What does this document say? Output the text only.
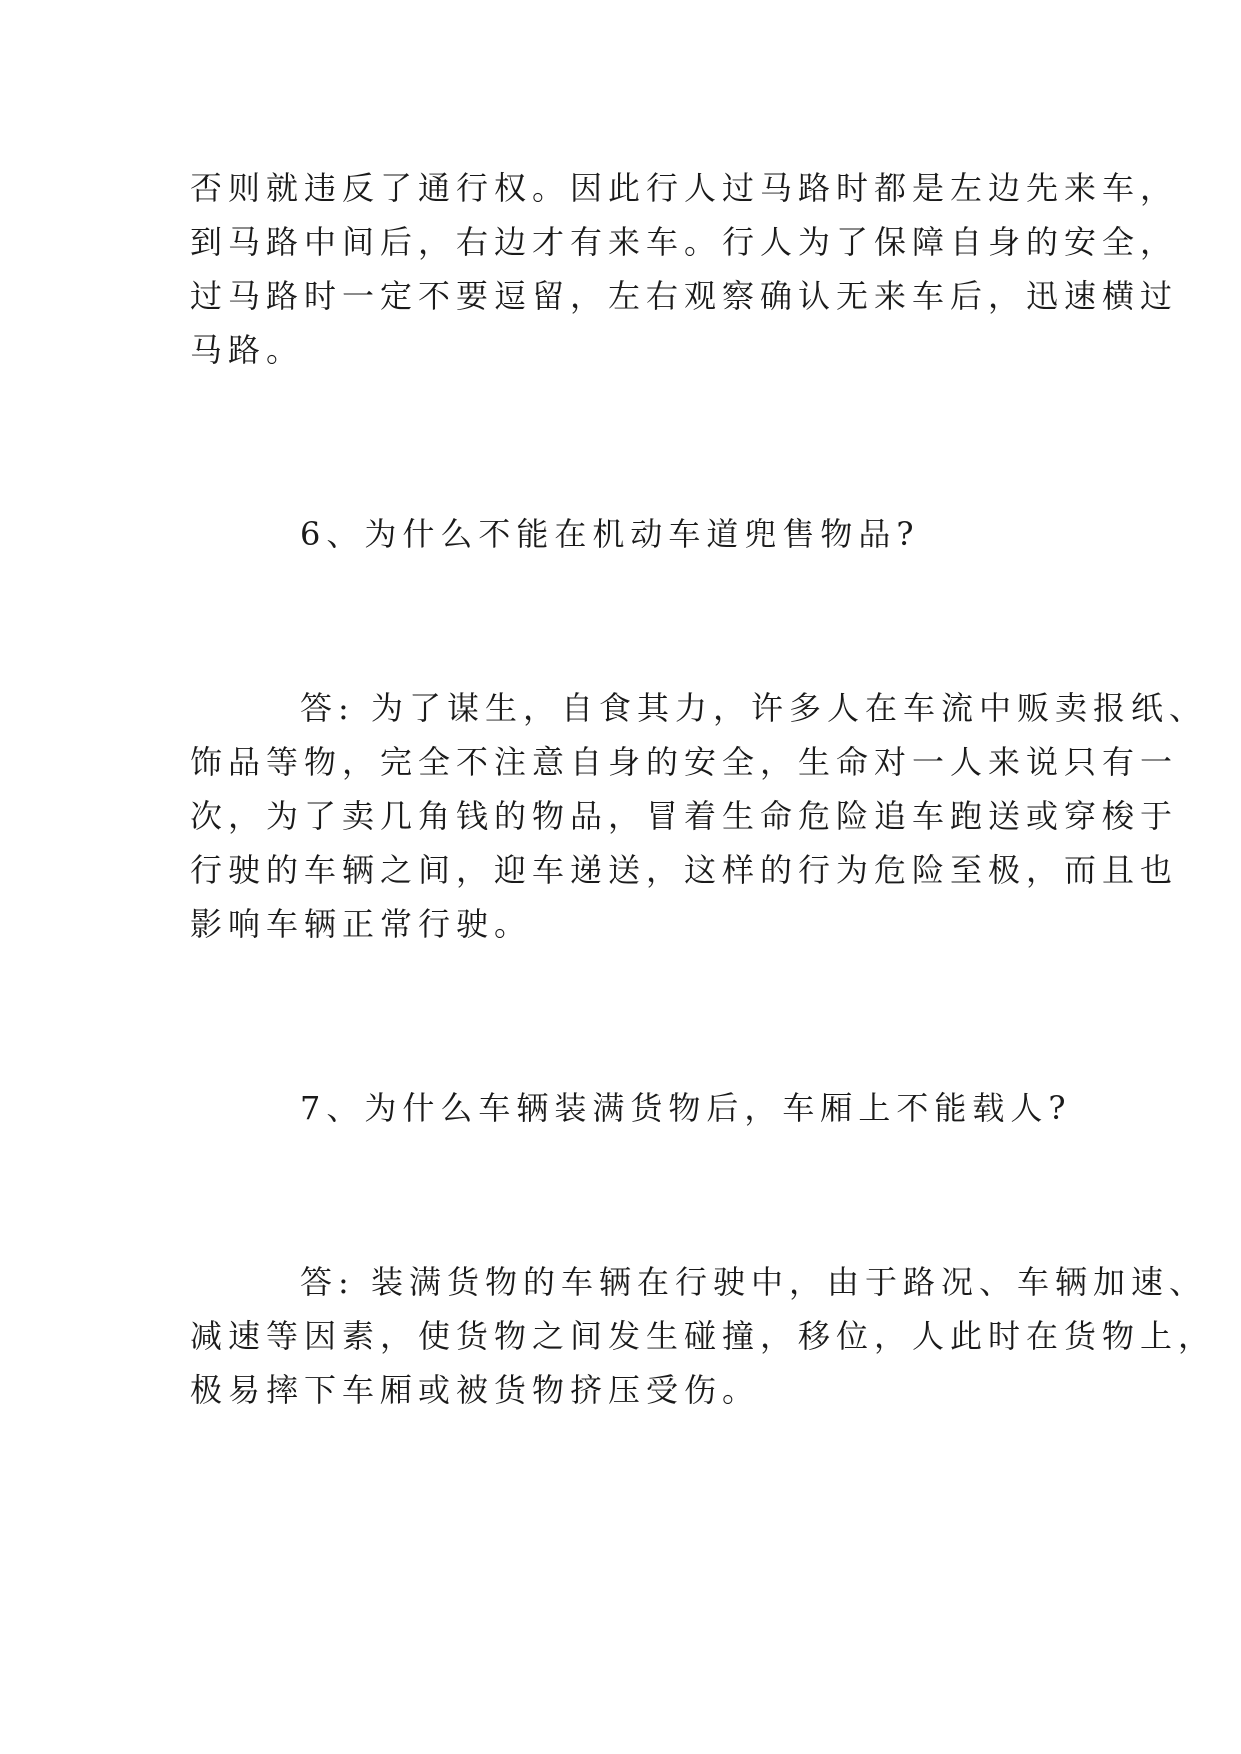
否则就违反了通行权。因此行人过马路时都是左边先来车，

到马路中间后，右边才有来车。行人为了保障自身的安全，

过马路时一定不要逗留，左右观察确认无来车后，迅速横过

马路。

6、为什么不能在机动车道兜售物品?

答: 为了谋生，自食其力，许多人在车流中贩卖报纸、

饰品等物，完全不注意自身的安全，生命对一人来说只有一

次，为了卖几角钱的物品，冒着生命危险追车跑送或穿梭于

行驶的车辆之间，迎车递送，这样的行为危险至极，而且也

影响车辆正常行驶。

7、为什么车辆装满货物后，车厢上不能载人?

答: 装满货物的车辆在行驶中，由于路况、车辆加速、

减速等因素，使货物之间发生碰撞，移位，人此时在货物上，

极易摔下车厢或被货物挤压受伤。
